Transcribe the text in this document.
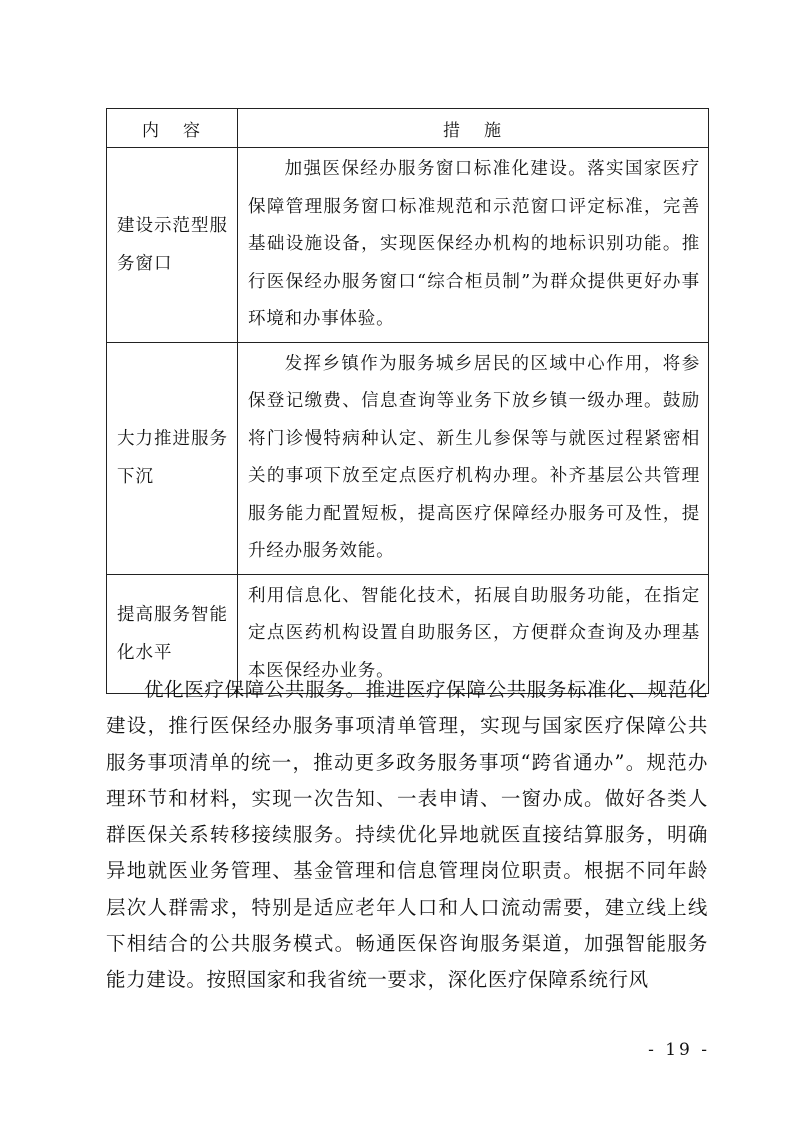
内 容	措 施
建设示范型服务窗口	加强医保经办服务窗口标准化建设。落实国家医疗保障管理服务窗口标准规范和示范窗口评定标准，完善基础设施设备，实现医保经办机构的地标识别功能。推行医保经办服务窗口“综合柜员制”为群众提供更好办事环境和办事体验。
大力推进服务下沉	发挥乡镇作为服务城乡居民的区域中心作用，将参保登记缴费、信息查询等业务下放乡镇一级办理。鼓励将门诊慢特病种认定、新生儿参保等与就医过程紧密相关的事项下放至定点医疗机构办理。补齐基层公共管理服务能力配置短板，提高医疗保障经办服务可及性，提升经办服务效能。
提高服务智能化水平	利用信息化、智能化技术，拓展自助服务功能，在指定定点医药机构设置自助服务区，方便群众查询及办理基本医保经办业务。
优化医疗保障公共服务。推进医疗保障公共服务标准化、规范化建设，推行医保经办服务事项清单管理，实现与国家医疗保障公共服务事项清单的统一，推动更多政务服务事项“跨省通办”。规范办理环节和材料，实现一次告知、一表申请、一窗办成。做好各类人群医保关系转移接续服务。持续优化异地就医直接结算服务，明确异地就医业务管理、基金管理和信息管理岗位职责。根据不同年龄层次人群需求，特别是适应老年人口和人口流动需要，建立线上线下相结合的公共服务模式。畅通医保咨询服务渠道，加强智能服务能力建设。按照国家和我省统一要求，深化医疗保障系统行风
- 19 -
